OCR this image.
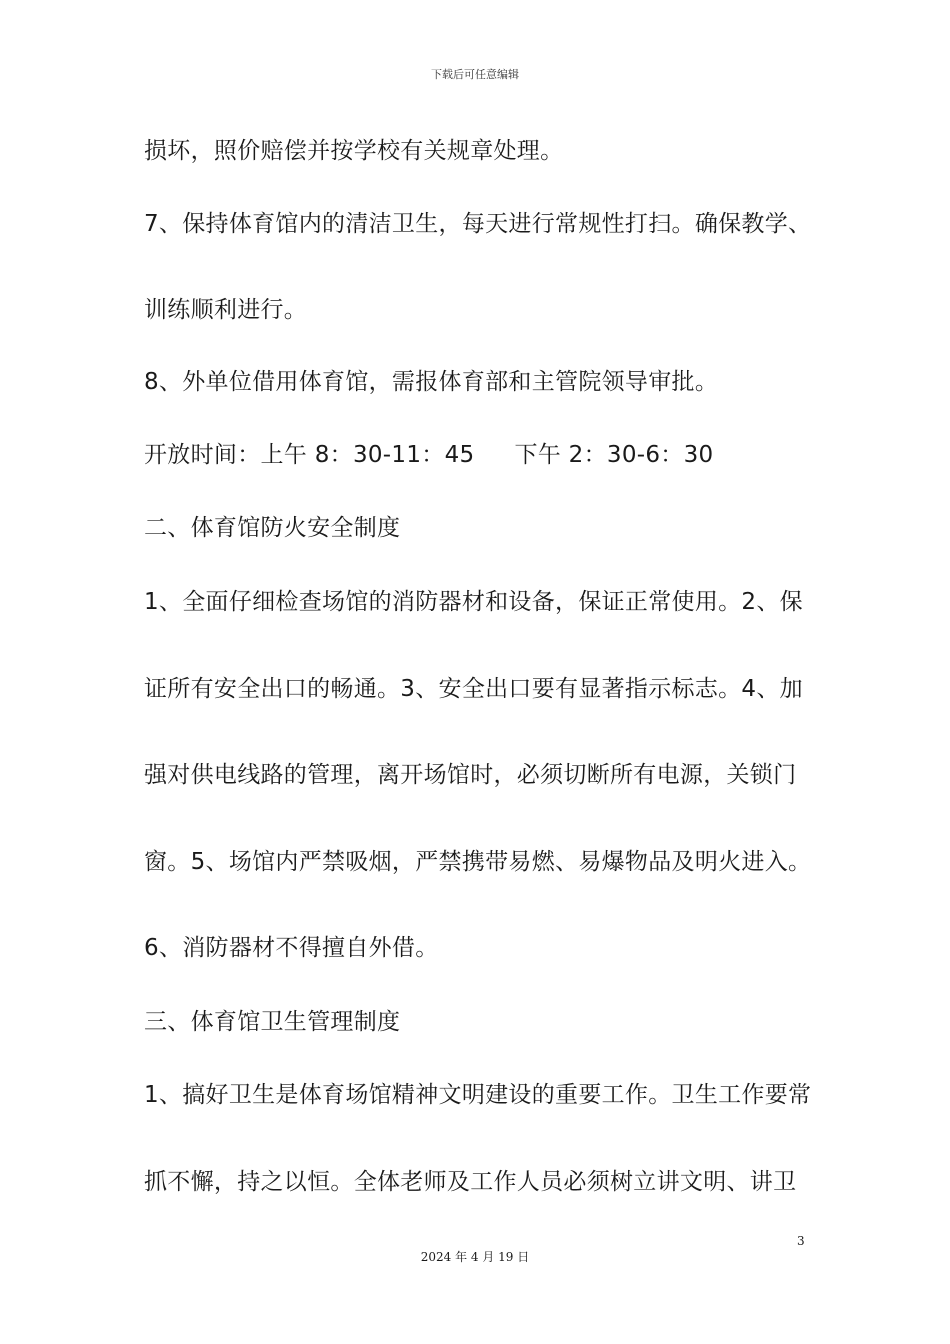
下载后可任意编辑
损坏，照价赔偿并按学校有关规章处理。
7、保持体育馆内的清洁卫生，每天进行常规性打扫。确保教学、
训练顺利进行。
8、外单位借用体育馆，需报体育部和主管院领导审批。
开放时间：上午 8：30-11：45 下午 2：30-6：30
二、体育馆防火安全制度
1、全面仔细检查场馆的消防器材和设备，保证正常使用。2、保
证所有安全出口的畅通。3、安全出口要有显著指示标志。4、加
强对供电线路的管理，离开场馆时，必须切断所有电源，关锁门
窗。5、场馆内严禁吸烟，严禁携带易燃、易爆物品及明火进入。
6、消防器材不得擅自外借。
三、体育馆卫生管理制度
1、搞好卫生是体育场馆精神文明建设的重要工作。卫生工作要常
抓不懈，持之以恒。全体老师及工作人员必须树立讲文明、讲卫
3
2024 年 4 月 19 日
